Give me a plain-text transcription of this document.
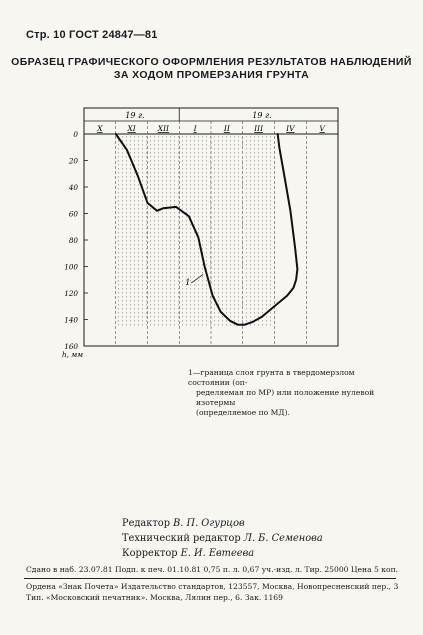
Стр. 10 ГОСТ 24847—81
ОБРАЗЕЦ ГРАФИЧЕСКОГО ОФОРМЛЕНИЯ РЕЗУЛЬТАТОВ НАБЛЮДЕНИЙ
ЗА ХОДОМ ПРОМЕРЗАНИЯ ГРУНТА
19 г.	19 г.
X	XI	XII	I	II	III	IV	V
0
20
40
60
80
100
120
140
160
h, мм
1
1—граница слоя грунта в твердомерзлом состоянии (оп-
ределяемая по МР) или положение нулевой изотермы
(определяемое по МД).
Редактор В. П. Огурцов
Технический редактор Л. Б. Семенова
Корректор Е. И. Евтеева
Сдано в наб. 23.07.81 Подп. к печ. 01.10.81 0,75 п. л. 0,67 уч.-изд. л. Тир. 25000 Цена 5 коп.
Ордена «Знак Почета» Издательство стандартов, 123557, Москва, Новопресненский пер., 3
Тип. «Московский печатник». Москва, Лялин пер., 6. Зак. 1169
